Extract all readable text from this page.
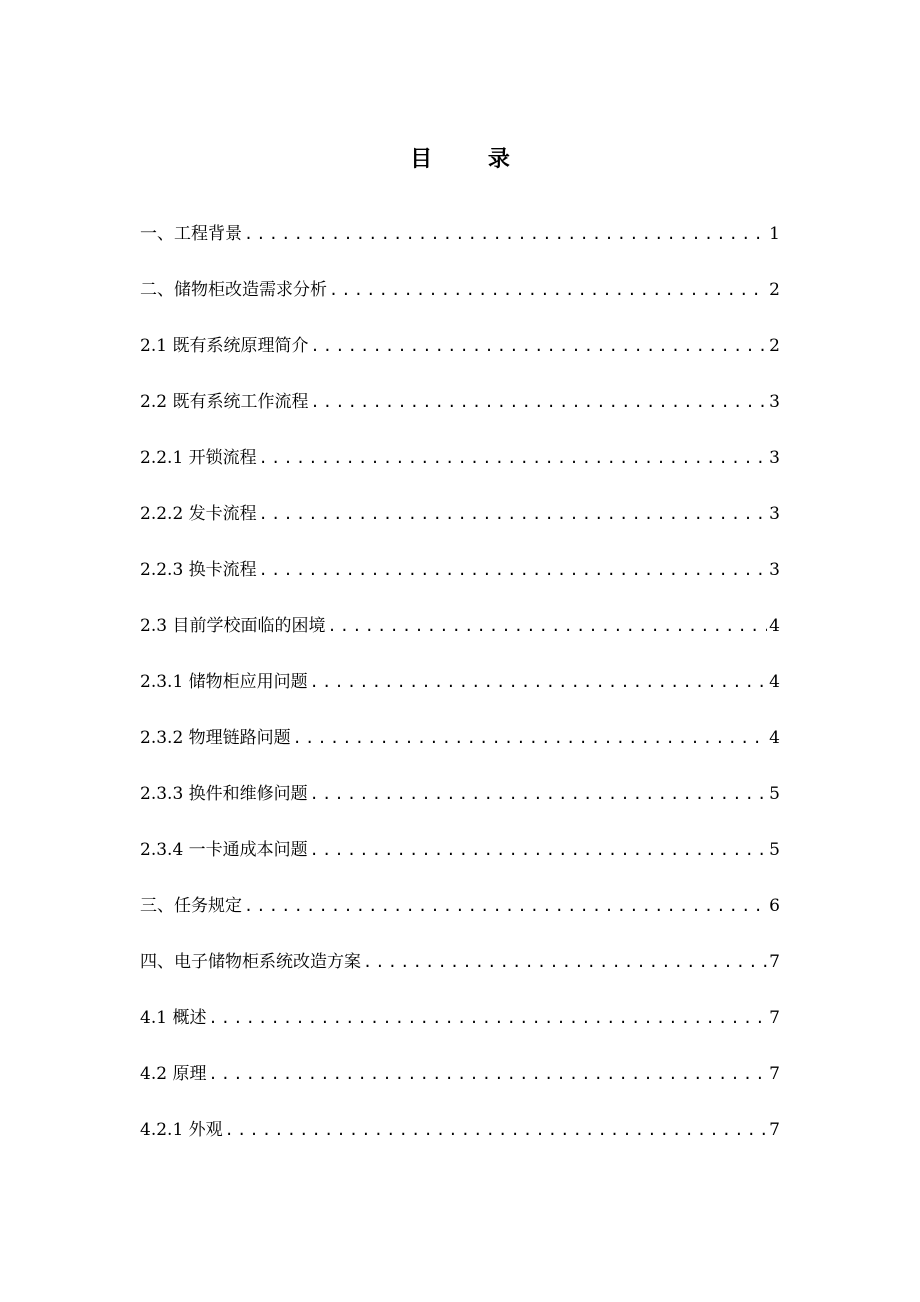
目 录
一、工程背景 .....	1
二、储物柜改造需求分析 .....	2
2.1 既有系统原理简介 .....	2
2.2 既有系统工作流程 .....	3
2.2.1 开锁流程 .....	3
2.2.2 发卡流程 .....	3
2.2.3 换卡流程 .....	3
2.3 目前学校面临的困境 .....	4
2.3.1 储物柜应用问题 .....	4
2.3.2 物理链路问题 .....	4
2.3.3 换件和维修问题 .....	5
2.3.4 一卡通成本问题 .....	5
三、任务规定 .....	6
四、电子储物柜系统改造方案 .....	7
4.1 概述 .....	7
4.2 原理 .....	7
4.2.1 外观 .....	7
